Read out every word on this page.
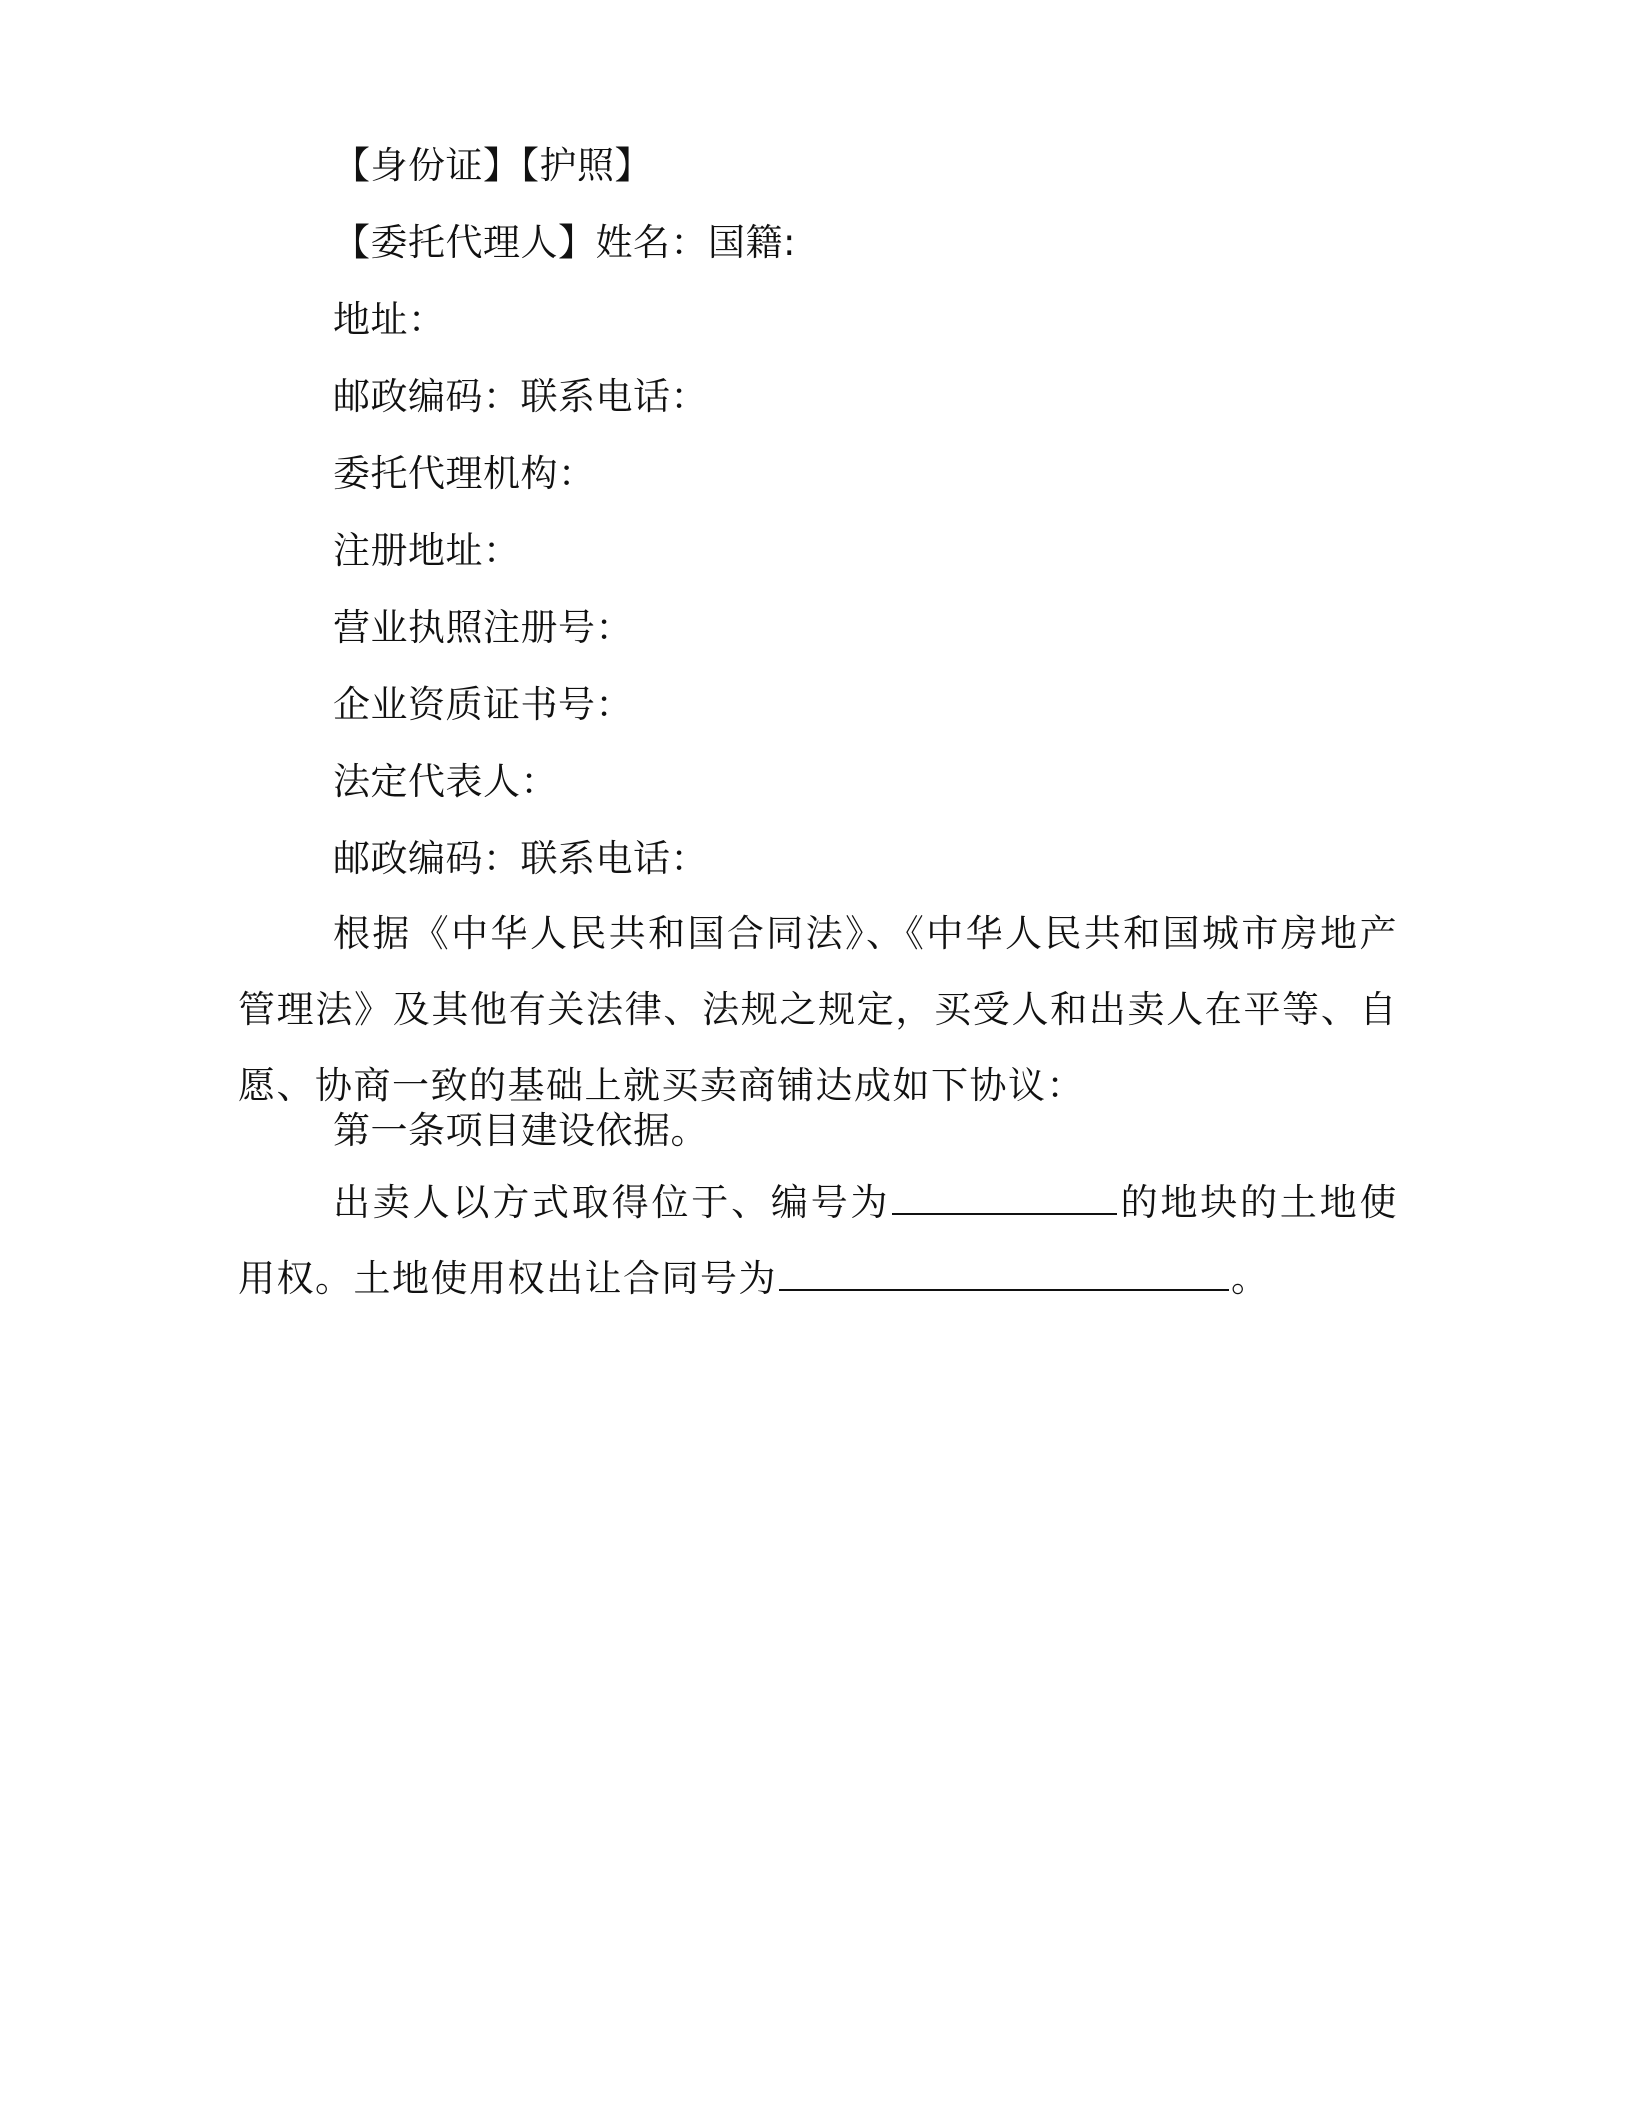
【身份证】【护照】
【委托代理人】姓名：国籍:
地址：
邮政编码：联系电话：
委托代理机构：
注册地址：
营业执照注册号：
企业资质证书号：
法定代表人：
邮政编码：联系电话：
根据《中华人民共和国合同法》、《中华人民共和国城市房地产管理法》及其他有关法律、法规之规定，买受人和出卖人在平等、自愿、协商一致的基础上就买卖商铺达成如下协议：
第一条项目建设依据。
出卖人以方式取得位于、编号为	的地块的土地使用权。土地使用权出让合同号为	。
